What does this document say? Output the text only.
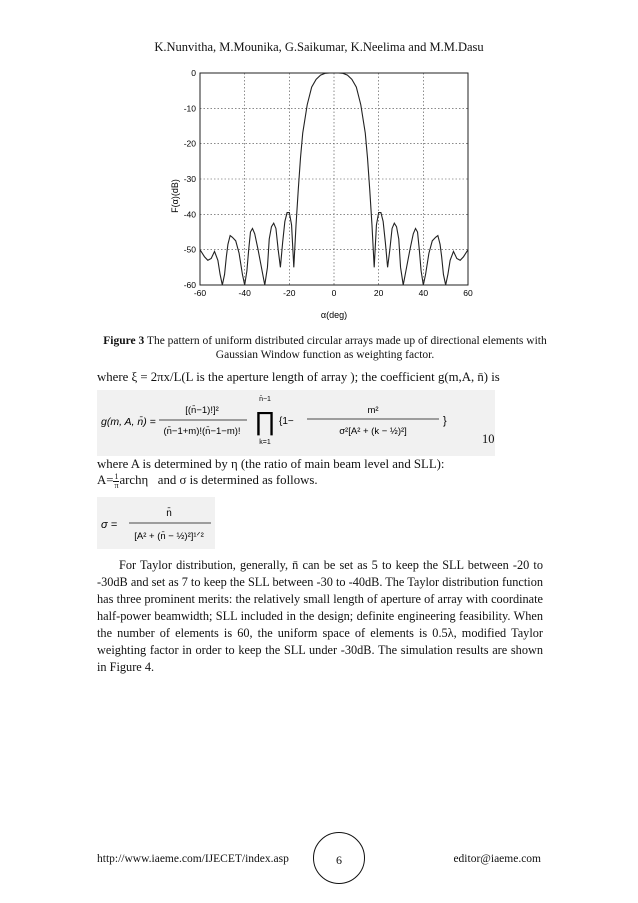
K.Nunvitha, M.Mounika, G.Saikumar, K.Neelima and M.M.Dasu
0
-10
-20
-30
-40
-50
-60
-60	-40	-20	0	20	40	60
F(α)(dB)
α(deg)
Figure 3 The pattern of uniform distributed circular arrays made up of directional elements with Gaussian Window function as weighting factor.
where ξ = 2πx/L(L is the aperture length of array ); the coefficient g(m,A, n̄) is
g(m, A, n̄) =
[(n̄−1)!]²
(n̄−1+m)!(n̄−1−m)!
n̄−1
∏
k=1
{1−
m²
σ²[A² + (k − ½)²]
}
10
where A is determined by η (the ratio of main beam level and SLL):
$A= \frac{1}{\pi}$ archη and σ is determined as follows.
σ =
n̄
[A² + (n̄ − ½)²]¹ᐟ²
For Taylor distribution, generally, n̄ can be set as 5 to keep the SLL between -20 to -30dB and set as 7 to keep the SLL between -30 to -40dB. The Taylor distribution function has three prominent merits: the relatively small length of aperture of array with coordinate half-power beamwidth; SLL included in the design; definite engineering feasibility. When the number of elements is 60, the uniform space of elements is 0.5λ, modified Taylor weighting factor in order to keep the SLL under -30dB. The simulation results are shown in Figure 4.
http://www.iaeme.com/IJECET/index.asp	6	editor@iaeme.com
